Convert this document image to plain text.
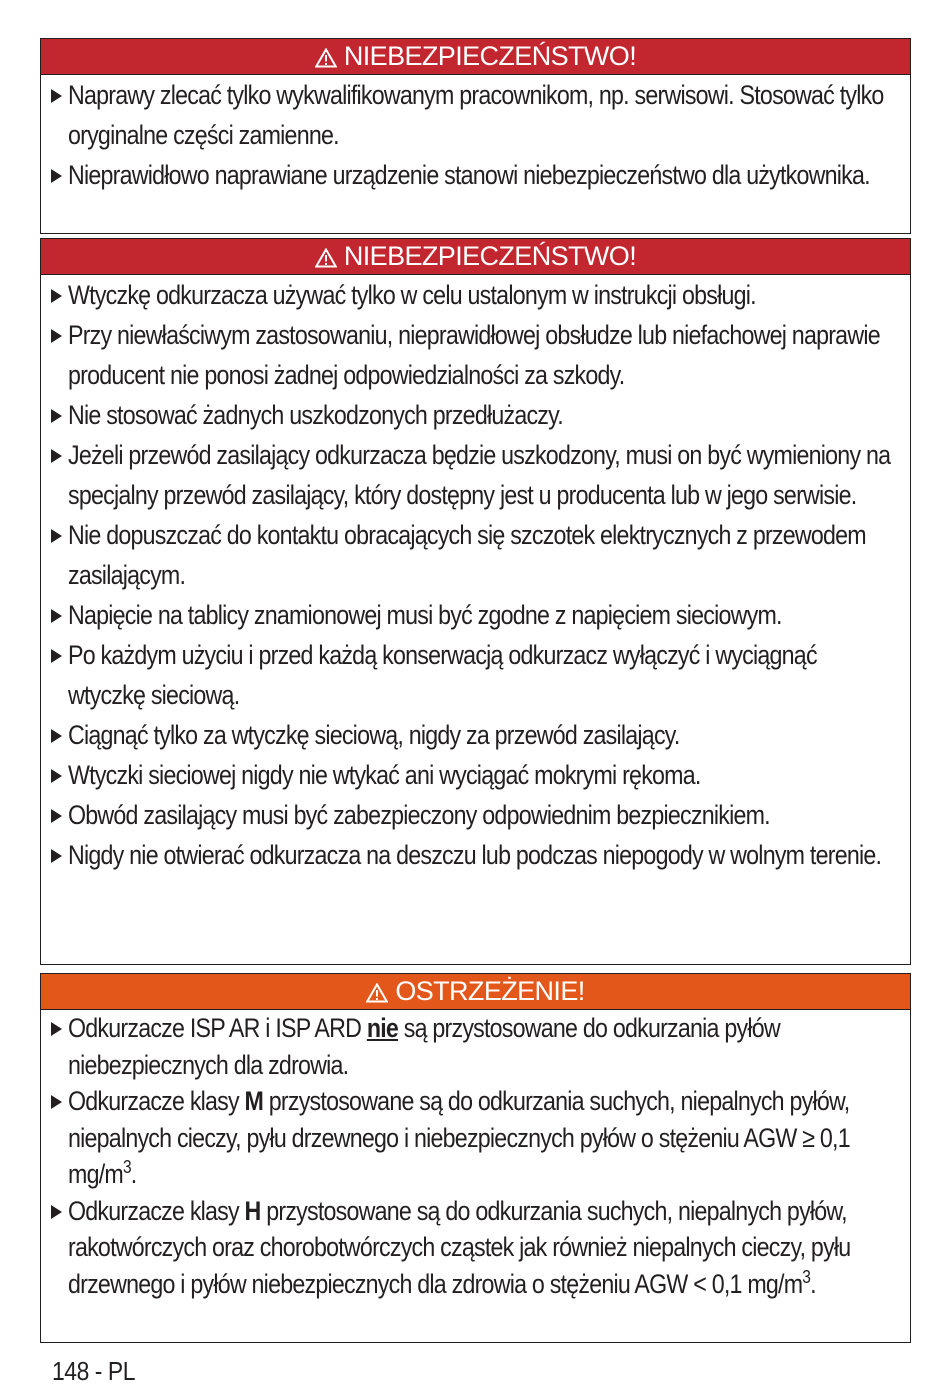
NIEBEZPIECZEŃSTWO!
Naprawy zlecać tylko wykwalifikowanym pracownikom, np. serwisowi. Stosować tylko oryginalne części zamienne.
Nieprawidłowo naprawiane urządzenie stanowi niebezpieczeństwo dla użytkownika.
NIEBEZPIECZEŃSTWO!
Wtyczkę odkurzacza używać tylko w celu ustalonym w instrukcji obsługi.
Przy niewłaściwym zastosowaniu, nieprawidłowej obsłudze lub niefachowej naprawie producent nie ponosi żadnej odpowiedzialności za szkody.
Nie stosować żadnych uszkodzonych przedłużaczy.
Jeżeli przewód zasilający odkurzacza będzie uszkodzony, musi on być wymieniony na specjalny przewód zasilający, który dostępny jest u producenta lub w jego serwisie.
Nie dopuszczać do kontaktu obracających się szczotek elektrycznych z przewodem zasilającym.
Napięcie na tablicy znamionowej musi być zgodne z napięciem sieciowym.
Po każdym użyciu i przed każdą konserwacją odkurzacz wyłączyć i wyciągnąć wtyczkę sieciową.
Ciągnąć tylko za wtyczkę sieciową, nigdy za przewód zasilający.
Wtyczki sieciowej nigdy nie wtykać ani wyciągać mokrymi rękoma.
Obwód zasilający musi być zabezpieczony odpowiednim bezpiecznikiem.
Nigdy nie otwierać odkurzacza na deszczu lub podczas niepogody w wolnym terenie.
OSTRZEŻENIE!
Odkurzacze ISP AR i ISP ARD nie są przystosowane do odkurzania pyłów niebezpiecznych dla zdrowia.
Odkurzacze klasy M przystosowane są do odkurzania suchych, niepalnych pyłów, niepalnych cieczy, pyłu drzewnego i niebezpiecznych pyłów o stężeniu AGW ≥ 0,1 $mg/m^3$.
Odkurzacze klasy H przystosowane są do odkurzania suchych, niepalnych pyłów, rakotwórczych oraz chorobotwórczych cząstek jak również niepalnych cieczy, pyłu drzewnego i pyłów niebezpiecznych dla zdrowia o stężeniu AGW < 0,1 $mg/m^3$.
148 - PL
